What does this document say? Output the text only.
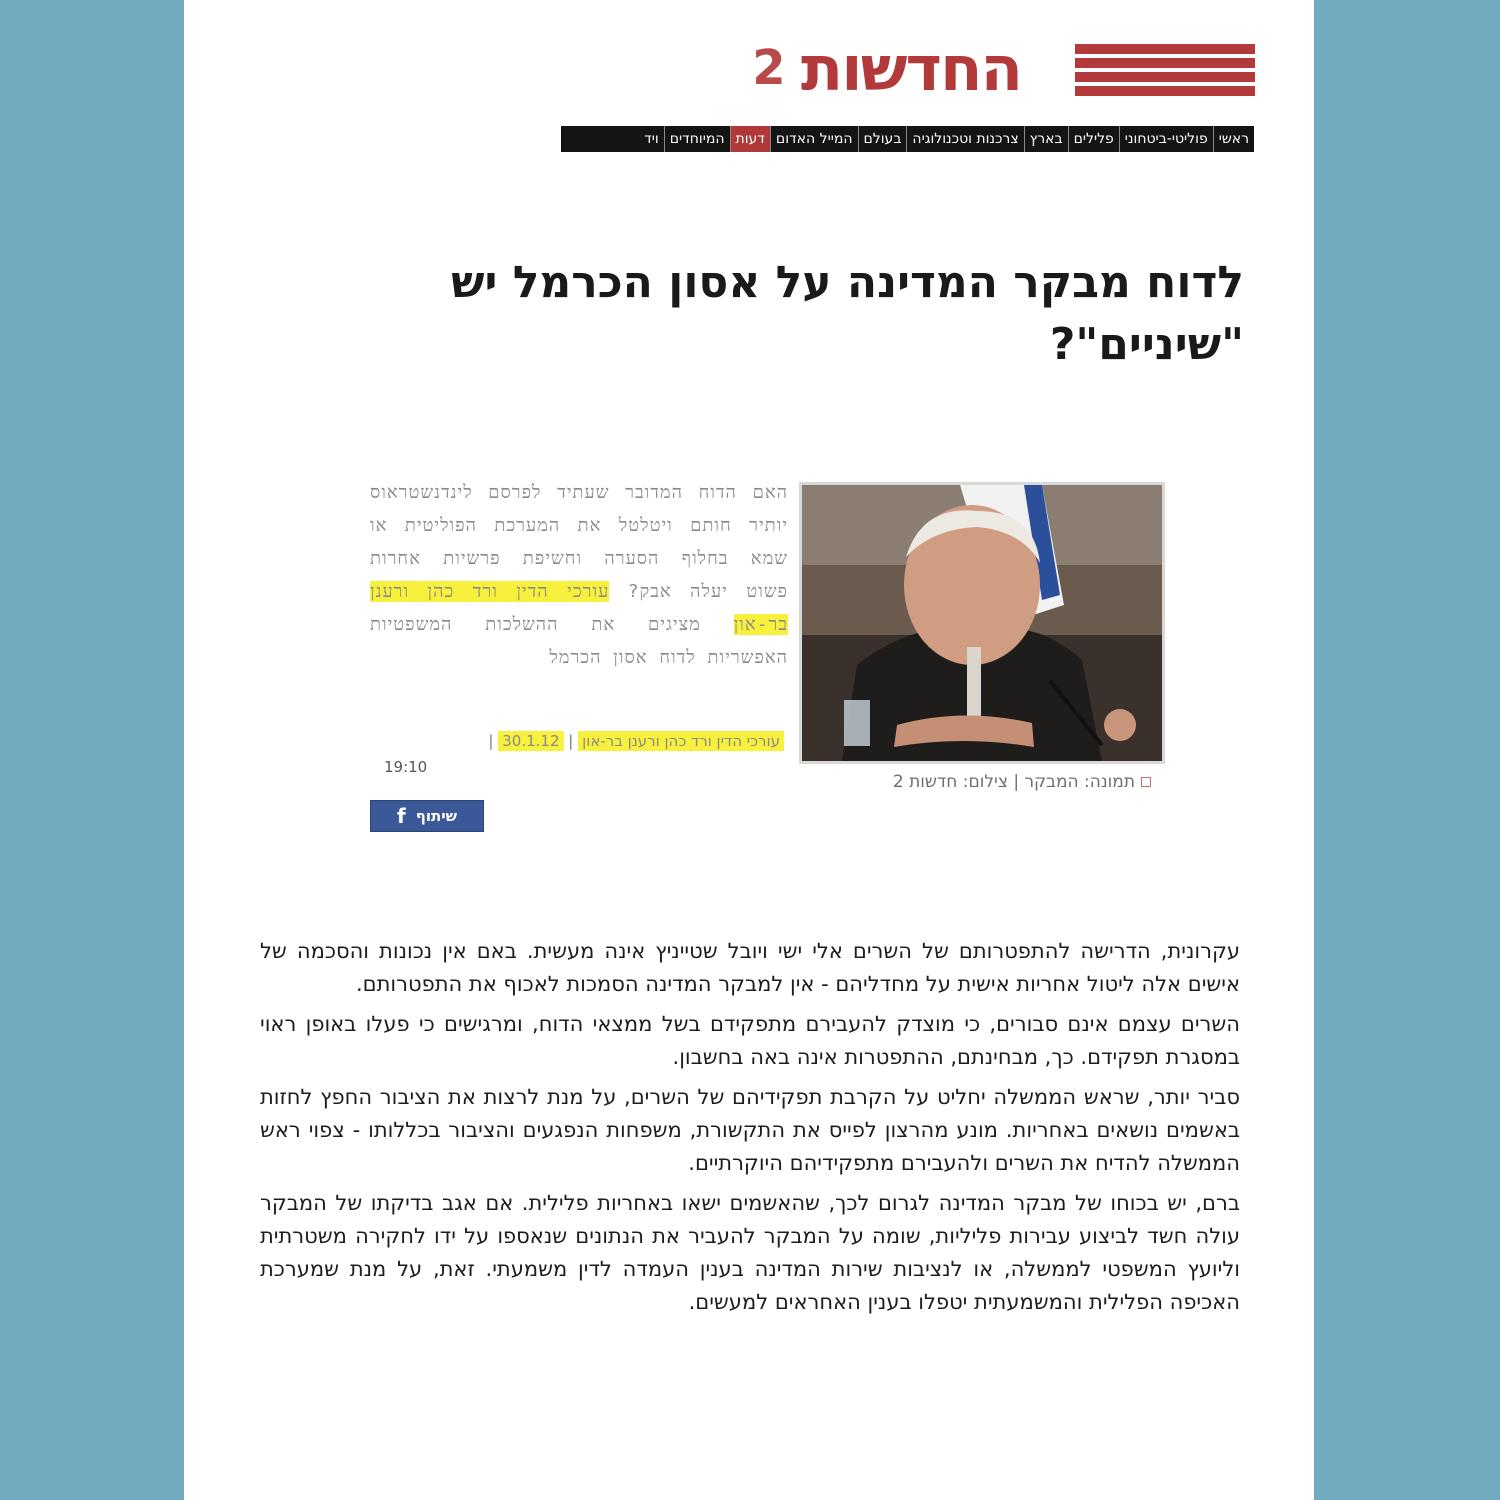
2 החדשות
ראשי
פוליטי-ביטחוני
פלילים
בארץ
צרכנות וטכנולוגיה
בעולם
המייל האדום
דעות
המיוחדים
ויד
לדוח מבקר המדינה על אסון הכרמל יש "שיניים"?
תמונה: המבקר | צילום: חדשות 2
האם הדוח המדובר שעתיד לפרסם לינדנשטראוס יותיר חותם ויטלטל את המערכת הפוליטית או שמא בחלוף הסערה וחשיפת פרשיות אחרות פשוט יעלה אבק? עורכי הדין ורד כהן ורענן בר-און מציגים את ההשלכות המשפטיות האפשריות לדוח אסון הכרמל
עורכי הדין ורד כהן ורענן בר-און | 30.1.12 |
19:10
שיתוף
f

עקרונית, הדרישה להתפטרותם של השרים אלי ישי ויובל שטייניץ אינה מעשית. באם אין נכונות והסכמה של אישים אלה ליטול אחריות אישית על מחדליהם - אין למבקר המדינה הסמכות לאכוף את התפטרותם.

השרים עצמם אינם סבורים, כי מוצדק להעבירם מתפקידם בשל ממצאי הדוח, ומרגישים כי פעלו באופן ראוי במסגרת תפקידם. כך, מבחינתם, ההתפטרות אינה באה בחשבון.

סביר יותר, שראש הממשלה יחליט על הקרבת תפקידיהם של השרים, על מנת לרצות את הציבור החפץ לחזות באשמים נושאים באחריות. מונע מהרצון לפייס את התקשורת, משפחות הנפגעים והציבור בכללותו - צפוי ראש הממשלה להדיח את השרים ולהעבירם מתפקידיהם היוקרתיים.

ברם, יש בכוחו של מבקר המדינה לגרום לכך, שהאשמים ישאו באחריות פלילית. אם אגב בדיקתו של המבקר עולה חשד לביצוע עבירות פליליות, שומה על המבקר להעביר את הנתונים שנאספו על ידו לחקירה משטרתית וליועץ המשפטי לממשלה, או לנציבות שירות המדינה בענין העמדה לדין משמעתי. זאת, על מנת שמערכת האכיפה הפלילית והמשמעתית יטפלו בענין האחראים למעשים.
